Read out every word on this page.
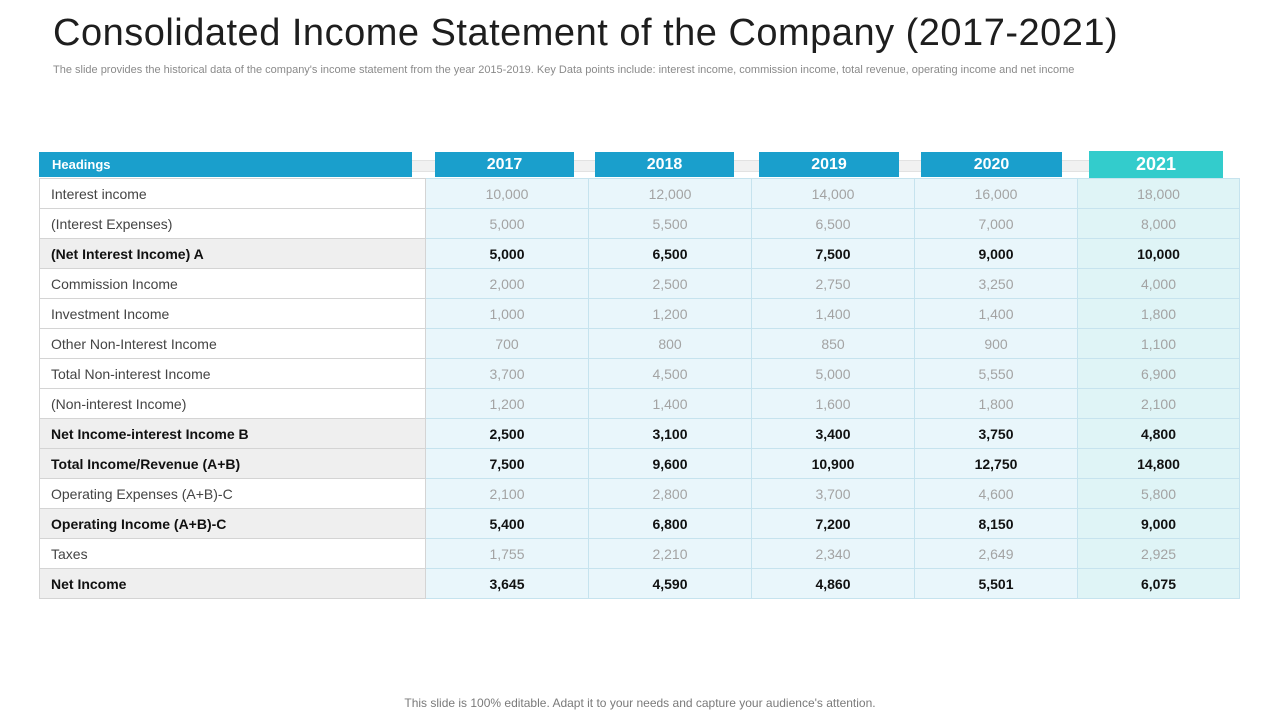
Consolidated Income Statement of the Company (2017-2021)

The slide provides the historical data of the company's income statement from the year 2015-2019. Key Data points include: interest income, commission income, total revenue, operating income and net income

Headings	2017	2018	2019	2020	2021
Interest income	10,000	12,000	14,000	16,000	18,000
(Interest Expenses)	5,000	5,500	6,500	7,000	8,000
(Net Interest Income) A	5,000	6,500	7,500	9,000	10,000
Commission Income	2,000	2,500	2,750	3,250	4,000
Investment Income	1,000	1,200	1,400	1,400	1,800
Other Non-Interest Income	700	800	850	900	1,100
Total Non-interest Income	3,700	4,500	5,000	5,550	6,900
(Non-interest Income)	1,200	1,400	1,600	1,800	2,100
Net Income-interest Income B	2,500	3,100	3,400	3,750	4,800
Total Income/Revenue (A+B)	7,500	9,600	10,900	12,750	14,800
Operating Expenses (A+B)-C	2,100	2,800	3,700	4,600	5,800
Operating Income (A+B)-C	5,400	6,800	7,200	8,150	9,000
Taxes	1,755	2,210	2,340	2,649	2,925
Net Income	3,645	4,590	4,860	5,501	6,075
This slide is 100% editable. Adapt it to your needs and capture your audience's attention.
